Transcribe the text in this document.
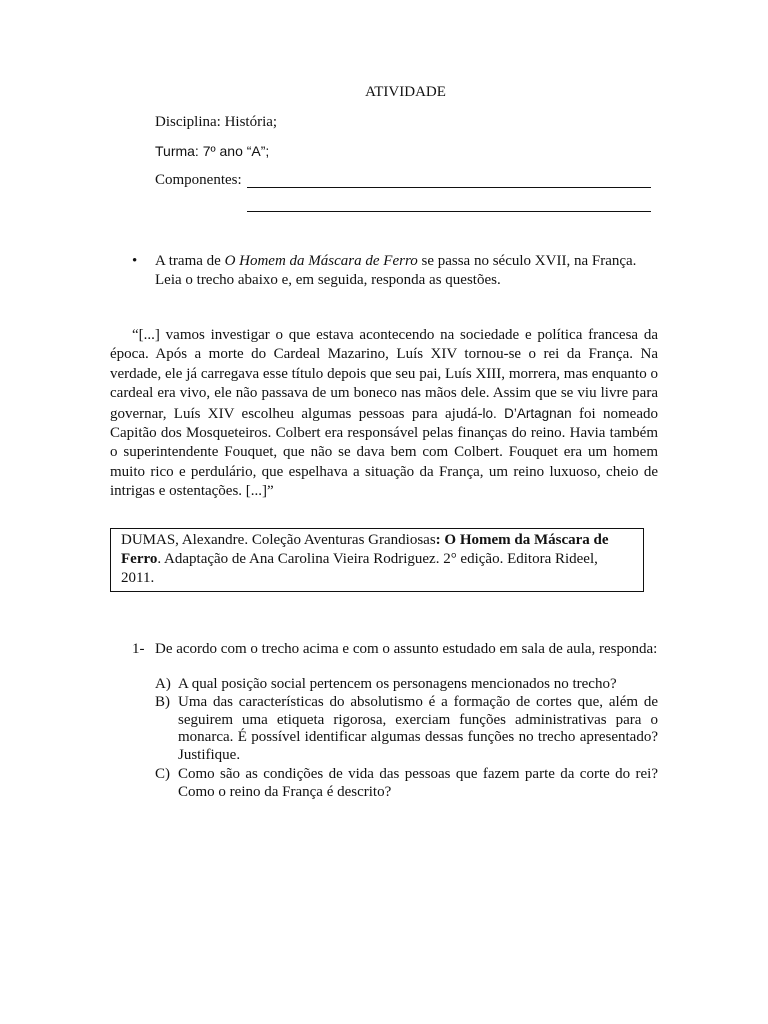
ATIVIDADE
Disciplina: História;
Turma: 7º ano “A”;
Componentes:
• A trama de O Homem da Máscara de Ferro se passa no século XVII, na França. Leia o trecho abaixo e, em seguida, responda as questões.
“[...] vamos investigar o que estava acontecendo na sociedade e política francesa da época. Após a morte do Cardeal Mazarino, Luís XIV tornou-se o rei da França. Na verdade, ele já carregava esse título depois que seu pai, Luís XIII, morrera, mas enquanto o cardeal era vivo, ele não passava de um boneco nas mãos dele. Assim que se viu livre para governar, Luís XIV escolheu algumas pessoas para ajudá-lo. D’Artagnan foi nomeado Capitão dos Mosqueteiros. Colbert era responsável pelas finanças do reino. Havia também o superintendente Fouquet, que não se dava bem com Colbert. Fouquet era um homem muito rico e perdulário, que espelhava a situação da França, um reino luxuoso, cheio de intrigas e ostentações. [...]”
DUMAS, Alexandre. Coleção Aventuras Grandiosas: O Homem da Máscara de Ferro. Adaptação de Ana Carolina Vieira Rodriguez. 2° edição. Editora Rideel, 2011.
1- De acordo com o trecho acima e com o assunto estudado em sala de aula, responda:
A) A qual posição social pertencem os personagens mencionados no trecho?
B) Uma das características do absolutismo é a formação de cortes que, além de seguirem uma etiqueta rigorosa, exerciam funções administrativas para o monarca. É possível identificar algumas dessas funções no trecho apresentado? Justifique.
C) Como são as condições de vida das pessoas que fazem parte da corte do rei? Como o reino da França é descrito?
